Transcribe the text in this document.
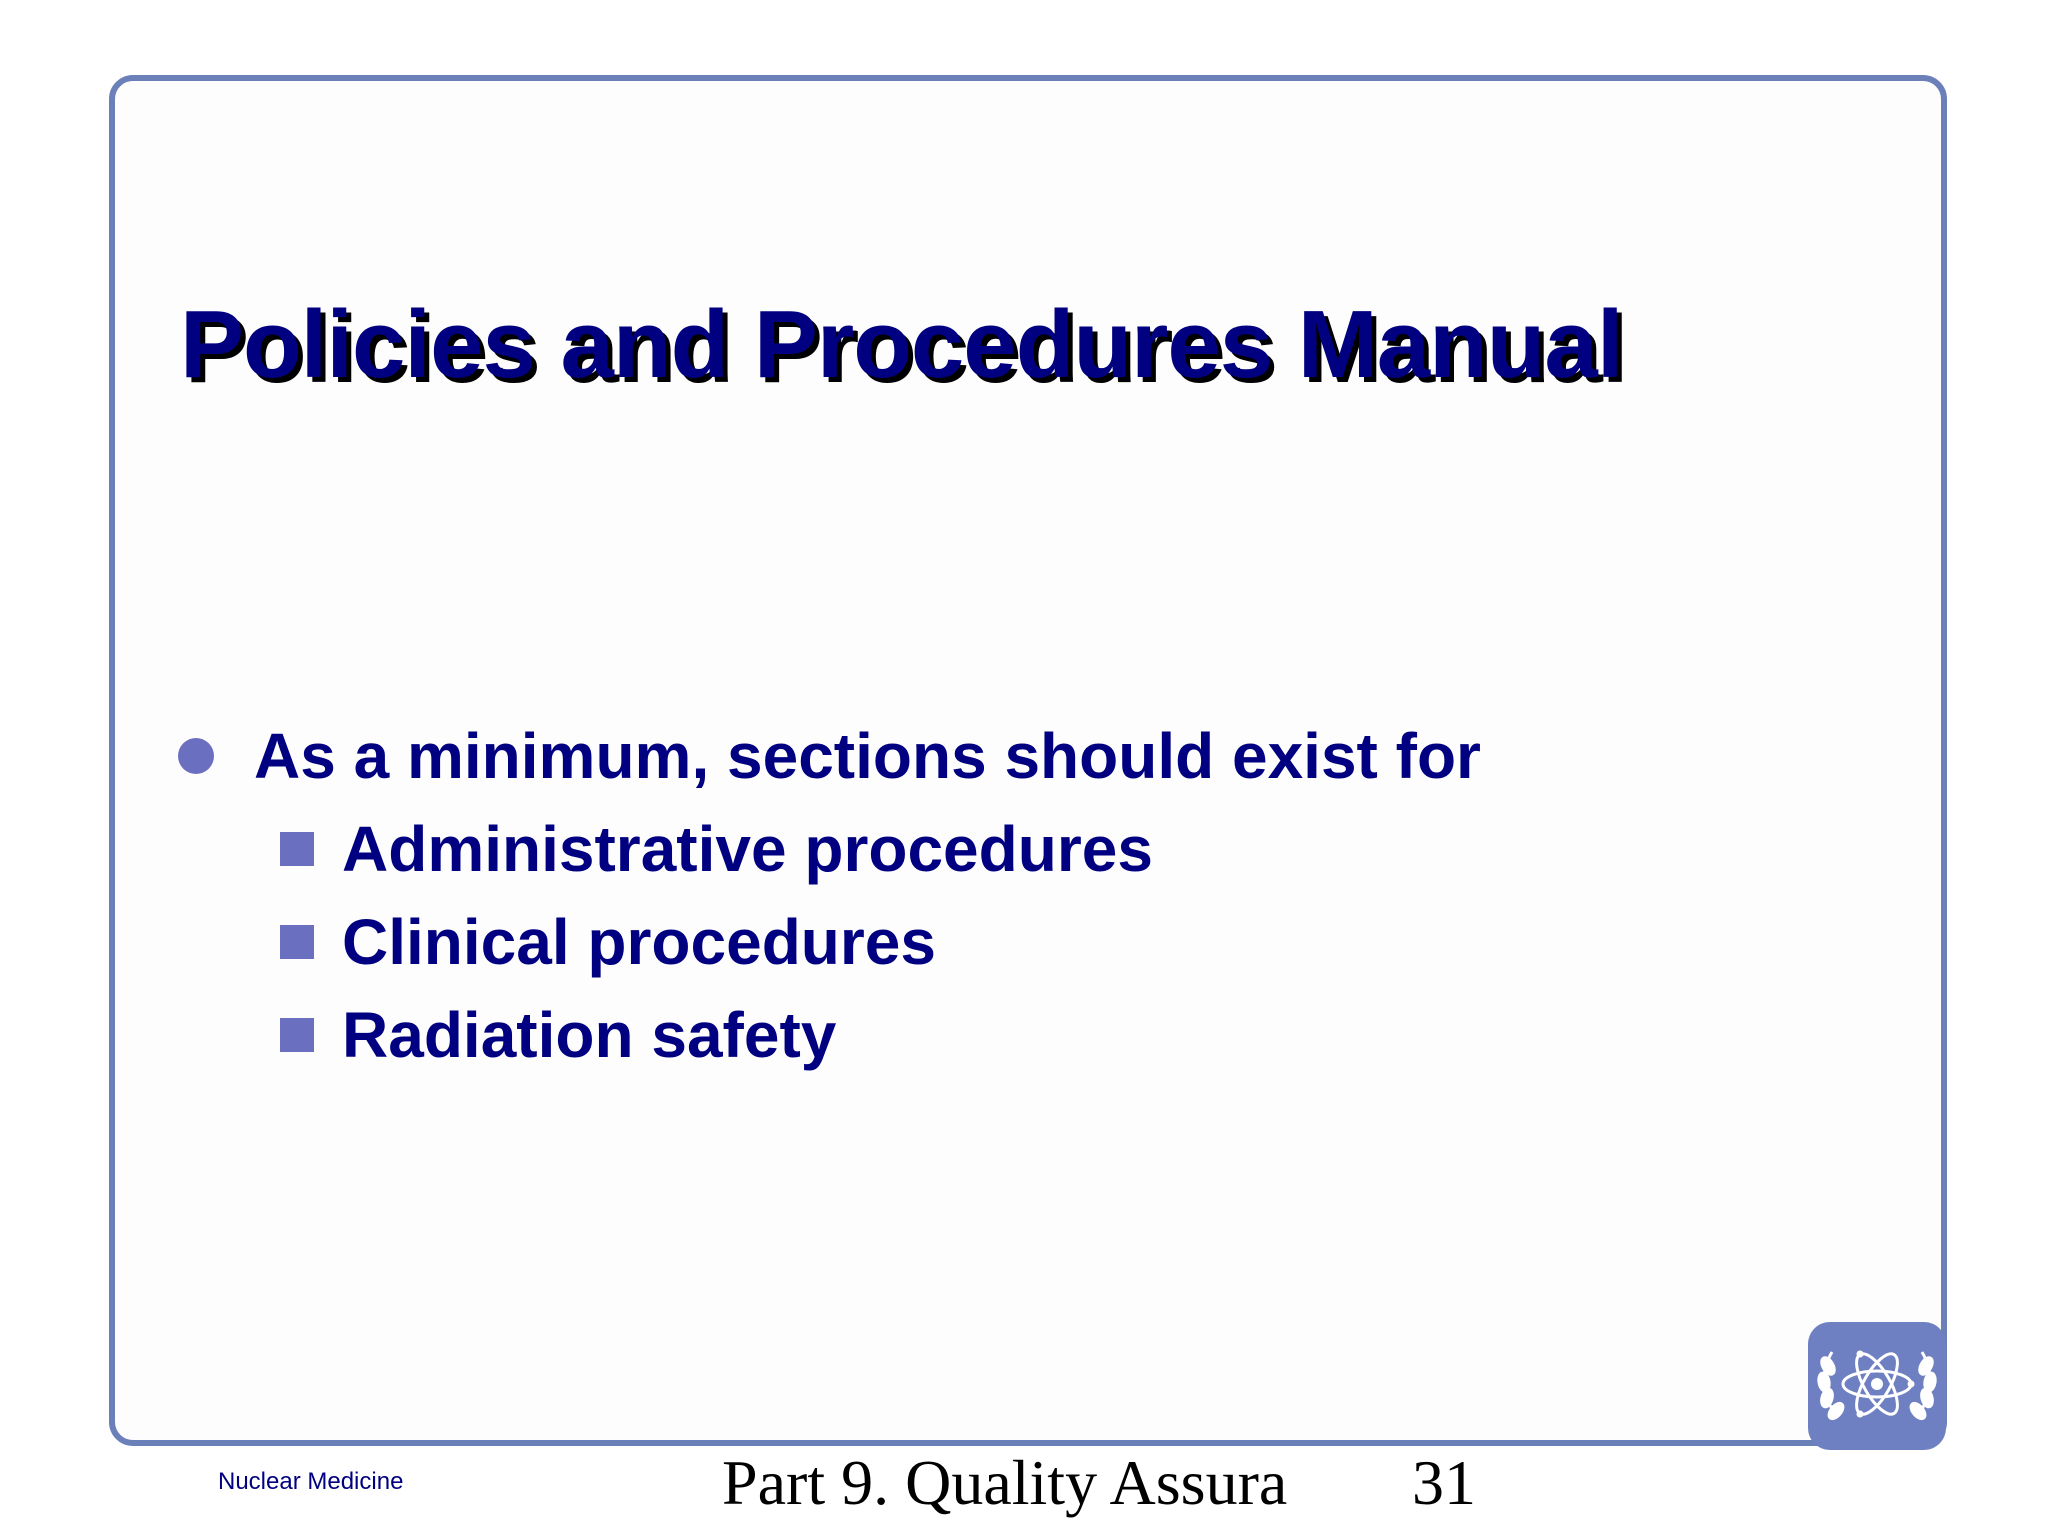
Policies and Procedures Manual
As a minimum, sections should exist for
Administrative procedures
Clinical procedures
Radiation safety
Nuclear Medicine	Part 9. Quality Assura	31
